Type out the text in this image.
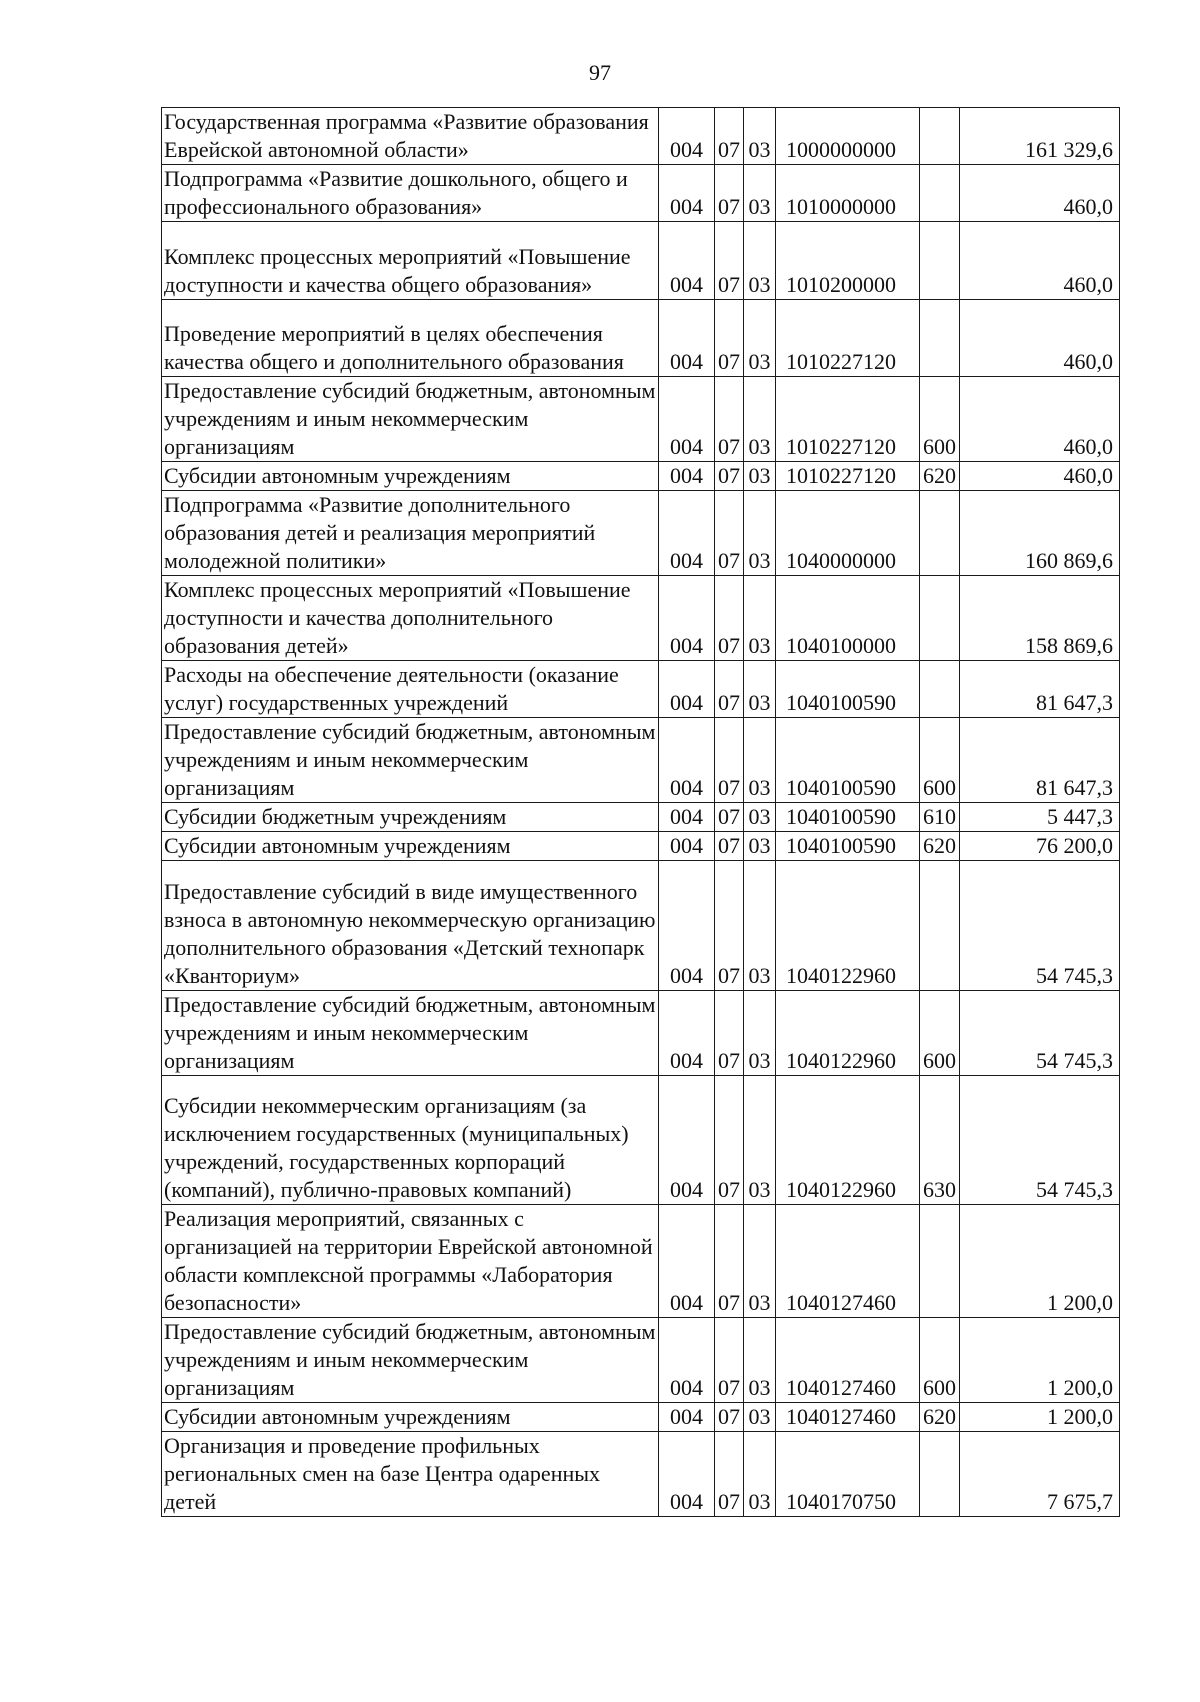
97
Государственная программа «Развитие образования Еврейской автономной области»	004	07	03	1000000000		161 329,6
Подпрограмма «Развитие дошкольного, общего и профессионального образования»	004	07	03	1010000000		460,0
Комплекс процессных мероприятий «Повышение доступности и качества общего образования»	004	07	03	1010200000		460,0
Проведение мероприятий в целях обеспечения качества общего и дополнительного образования	004	07	03	1010227120		460,0
Предоставление субсидий бюджетным, автономным учреждениям и иным некоммерческим организациям	004	07	03	1010227120	600	460,0
Субсидии автономным учреждениям	004	07	03	1010227120	620	460,0
Подпрограмма «Развитие дополнительного образования детей и реализация мероприятий молодежной политики»	004	07	03	1040000000		160 869,6
Комплекс процессных мероприятий «Повышение доступности и качества дополнительного образования детей»	004	07	03	1040100000		158 869,6
Расходы на обеспечение деятельности (оказание услуг) государственных учреждений	004	07	03	1040100590		81 647,3
Предоставление субсидий бюджетным, автономным учреждениям и иным некоммерческим организациям	004	07	03	1040100590	600	81 647,3
Субсидии бюджетным учреждениям	004	07	03	1040100590	610	5 447,3
Субсидии автономным учреждениям	004	07	03	1040100590	620	76 200,0
Предоставление субсидий в виде имущественного взноса в автономную некоммерческую организацию дополнительного образования «Детский технопарк «Кванториум»	004	07	03	1040122960		54 745,3
Предоставление субсидий бюджетным, автономным учреждениям и иным некоммерческим организациям	004	07	03	1040122960	600	54 745,3
Субсидии некоммерческим организациям (за исключением государственных (муниципальных) учреждений, государственных корпораций (компаний), публично-правовых компаний)	004	07	03	1040122960	630	54 745,3
Реализация мероприятий, связанных с организацией на территории Еврейской автономной области комплексной программы «Лаборатория безопасности»	004	07	03	1040127460		1 200,0
Предоставление субсидий бюджетным, автономным учреждениям и иным некоммерческим организациям	004	07	03	1040127460	600	1 200,0
Субсидии автономным учреждениям	004	07	03	1040127460	620	1 200,0
Организация и проведение профильных региональных смен на базе Центра одаренных детей	004	07	03	1040170750		7 675,7
